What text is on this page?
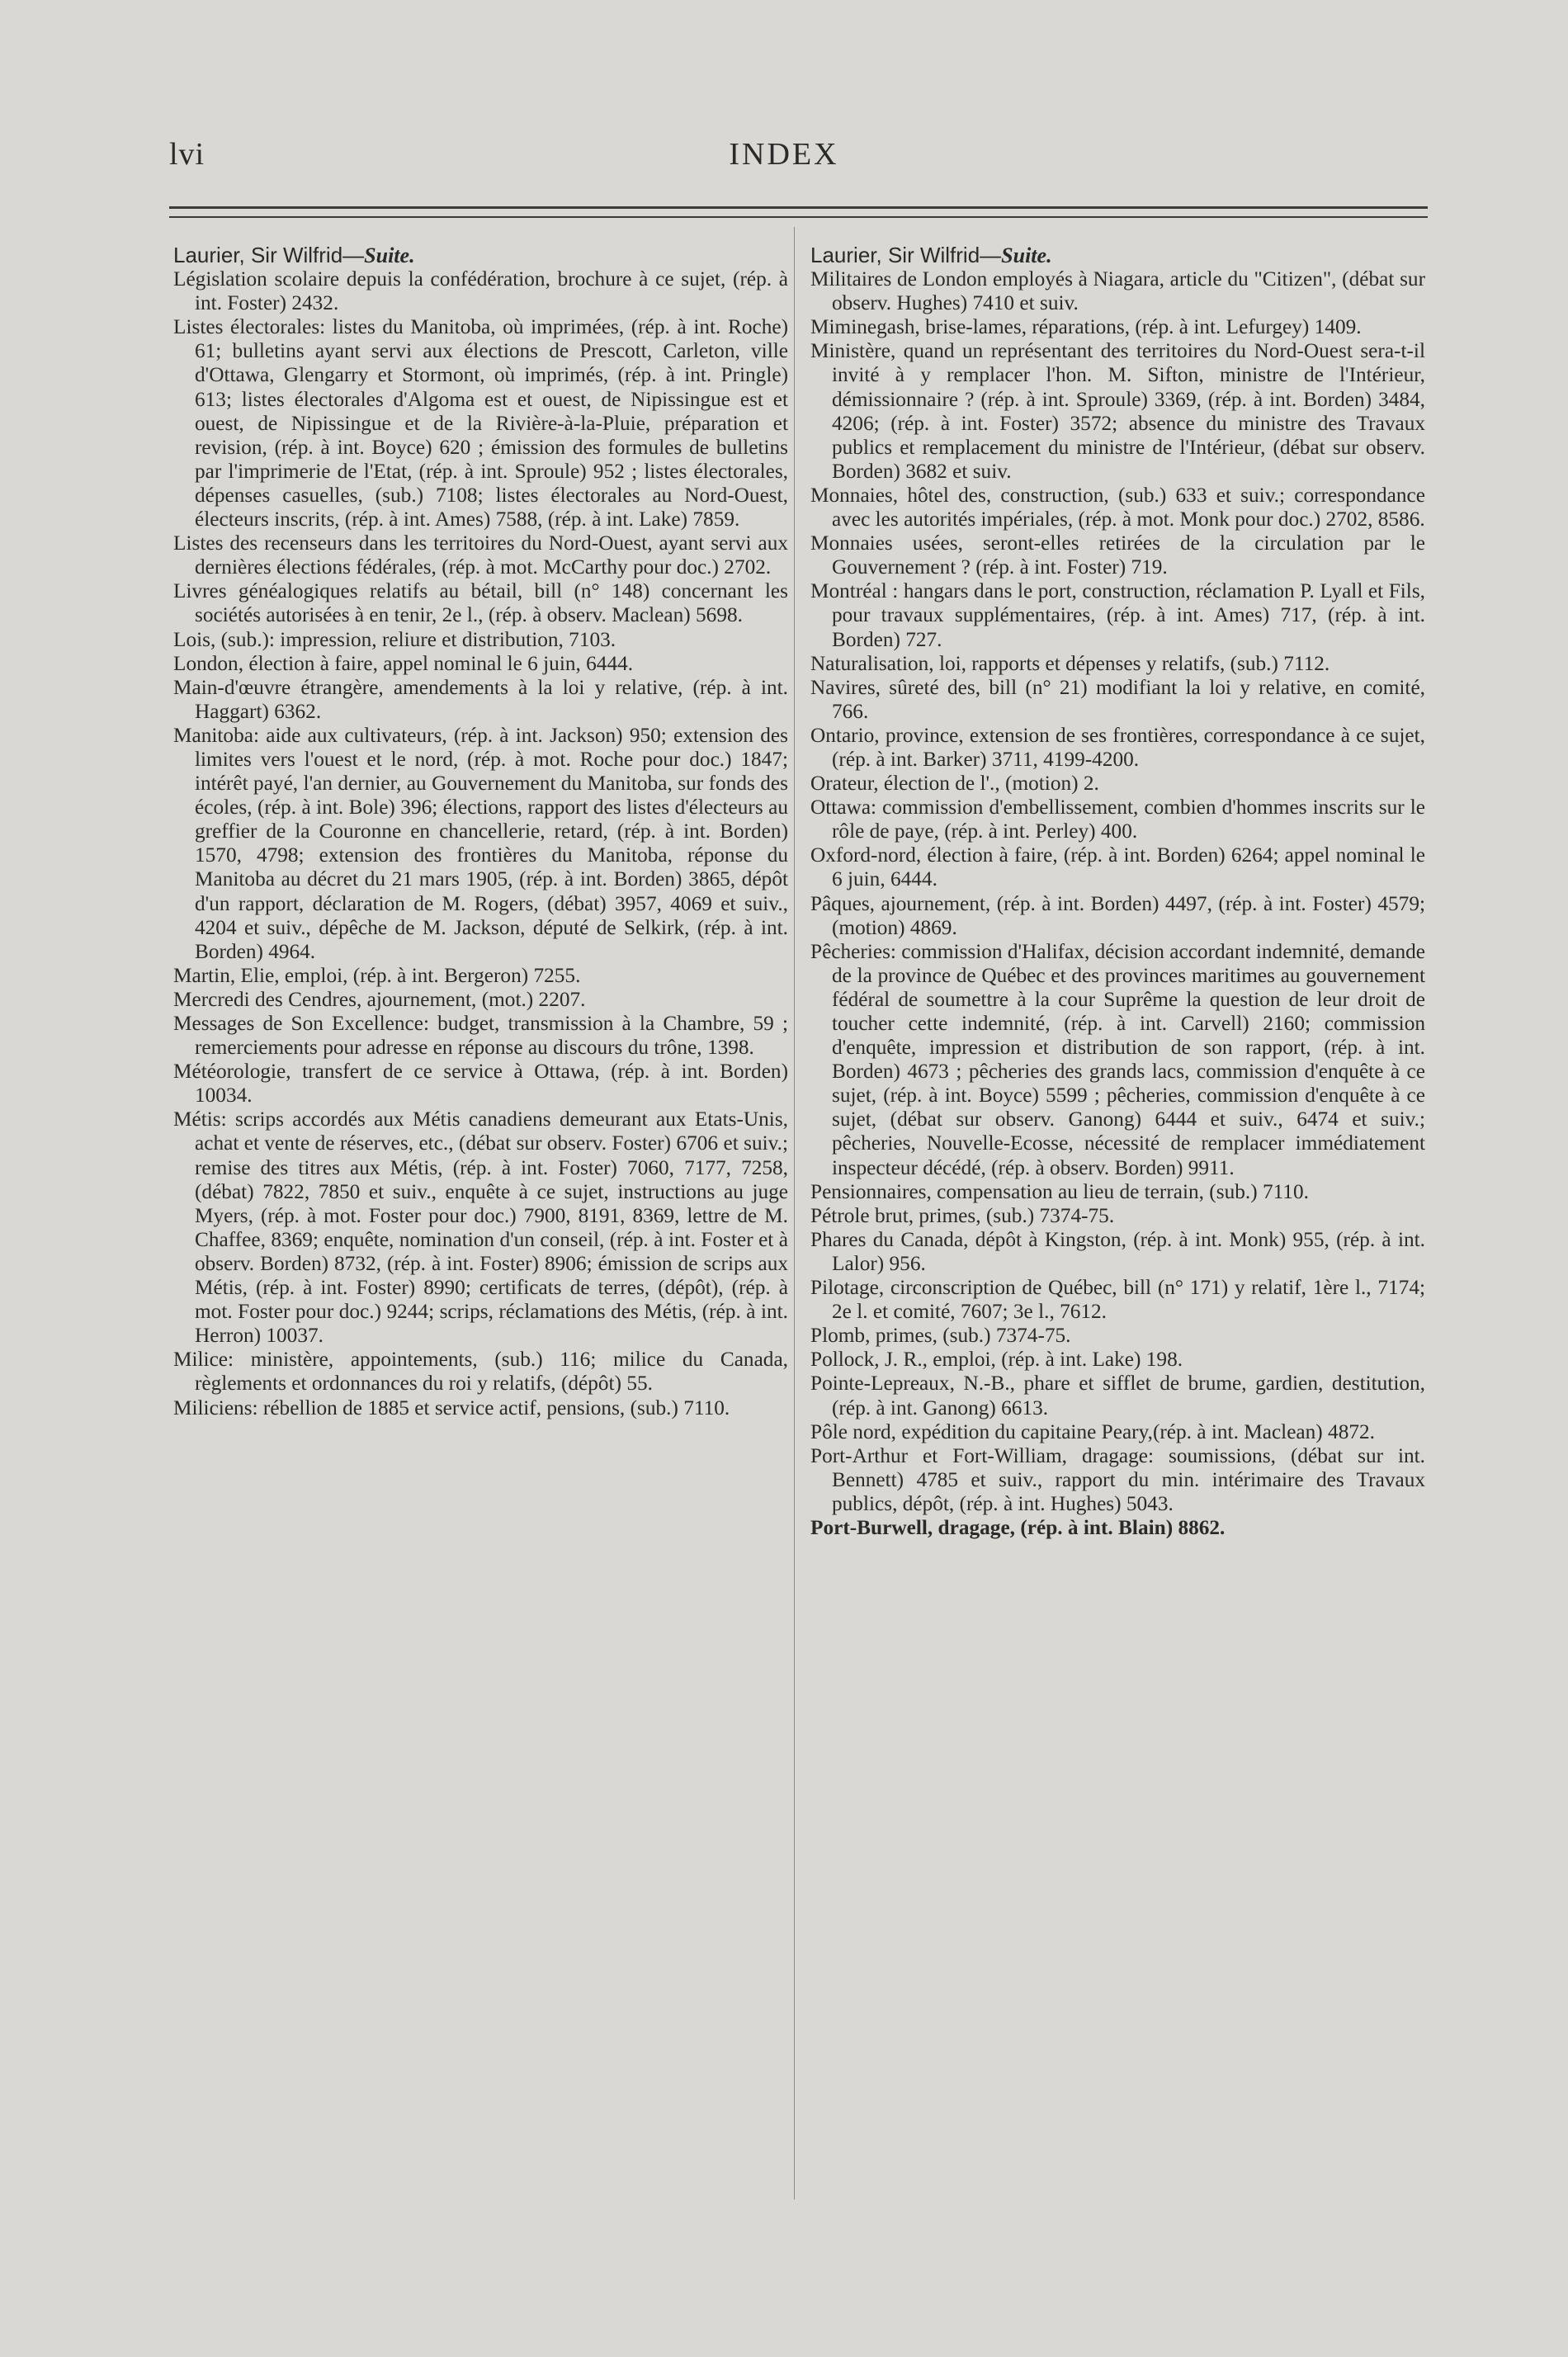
lvi	INDEX
Laurier, Sir Wilfrid—Suite.

Législation scolaire depuis la confédération, brochure à ce sujet, (rép. à int. Foster) 2432.

Listes électorales: listes du Manitoba, où imprimées, (rép. à int. Roche) 61; bulletins ayant servi aux élections de Prescott, Carleton, ville d'Ottawa, Glengarry et Stormont, où imprimés, (rép. à int. Pringle) 613; listes électorales d'Algoma est et ouest, de Nipissingue est et ouest, de Nipissingue et de la Rivière-à-la-Pluie, préparation et revision, (rép. à int. Boyce) 620 ; émission des formules de bulletins par l'imprimerie de l'Etat, (rép. à int. Sproule) 952 ; listes électorales, dépenses casuelles, (sub.) 7108; listes électorales au Nord-Ouest, électeurs inscrits, (rép. à int. Ames) 7588, (rép. à int. Lake) 7859.

Listes des recenseurs dans les territoires du Nord-Ouest, ayant servi aux dernières élections fédérales, (rép. à mot. McCarthy pour doc.) 2702.

Livres généalogiques relatifs au bétail, bill (n° 148) concernant les sociétés autorisées à en tenir, 2e l., (rép. à observ. Maclean) 5698.

Lois, (sub.): impression, reliure et distribution, 7103.

London, élection à faire, appel nominal le 6 juin, 6444.

Main-d'œuvre étrangère, amendements à la loi y relative, (rép. à int. Haggart) 6362.

Manitoba: aide aux cultivateurs, (rép. à int. Jackson) 950; extension des limites vers l'ouest et le nord, (rép. à mot. Roche pour doc.) 1847; intérêt payé, l'an dernier, au Gouvernement du Manitoba, sur fonds des écoles, (rép. à int. Bole) 396; élections, rapport des listes d'électeurs au greffier de la Couronne en chancellerie, retard, (rép. à int. Borden) 1570, 4798; extension des frontières du Manitoba, réponse du Manitoba au décret du 21 mars 1905, (rép. à int. Borden) 3865, dépôt d'un rapport, déclaration de M. Rogers, (débat) 3957, 4069 et suiv., 4204 et suiv., dépêche de M. Jackson, député de Selkirk, (rép. à int. Borden) 4964.

Martin, Elie, emploi, (rép. à int. Bergeron) 7255.

Mercredi des Cendres, ajournement, (mot.) 2207.

Messages de Son Excellence: budget, transmission à la Chambre, 59 ; remerciements pour adresse en réponse au discours du trône, 1398.

Météorologie, transfert de ce service à Ottawa, (rép. à int. Borden) 10034.

Métis: scrips accordés aux Métis canadiens demeurant aux Etats-Unis, achat et vente de réserves, etc., (débat sur observ. Foster) 6706 et suiv.; remise des titres aux Métis, (rép. à int. Foster) 7060, 7177, 7258, (débat) 7822, 7850 et suiv., enquête à ce sujet, instructions au juge Myers, (rép. à mot. Foster pour doc.) 7900, 8191, 8369, lettre de M. Chaffee, 8369; enquête, nomination d'un conseil, (rép. à int. Foster et à observ. Borden) 8732, (rép. à int. Foster) 8906; émission de scrips aux Métis, (rép. à int. Foster) 8990; certificats de terres, (dépôt), (rép. à mot. Foster pour doc.) 9244; scrips, réclamations des Métis, (rép. à int. Herron) 10037.

Milice: ministère, appointements, (sub.) 116; milice du Canada, règlements et ordonnances du roi y relatifs, (dépôt) 55.

Miliciens: rébellion de 1885 et service actif, pensions, (sub.) 7110.

Laurier, Sir Wilfrid—Suite.

Militaires de London employés à Niagara, article du "Citizen", (débat sur observ. Hughes) 7410 et suiv.

Miminegash, brise-lames, réparations, (rép. à int. Lefurgey) 1409.

Ministère, quand un représentant des territoires du Nord-Ouest sera-t-il invité à y remplacer l'hon. M. Sifton, ministre de l'Intérieur, démissionnaire ? (rép. à int. Sproule) 3369, (rép. à int. Borden) 3484, 4206; (rép. à int. Foster) 3572; absence du ministre des Travaux publics et remplacement du ministre de l'Intérieur, (débat sur observ. Borden) 3682 et suiv.

Monnaies, hôtel des, construction, (sub.) 633 et suiv.; correspondance avec les autorités impériales, (rép. à mot. Monk pour doc.) 2702, 8586.

Monnaies usées, seront-elles retirées de la circulation par le Gouvernement ? (rép. à int. Foster) 719.

Montréal : hangars dans le port, construction, réclamation P. Lyall et Fils, pour travaux supplémentaires, (rép. à int. Ames) 717, (rép. à int. Borden) 727.

Naturalisation, loi, rapports et dépenses y relatifs, (sub.) 7112.

Navires, sûreté des, bill (n° 21) modifiant la loi y relative, en comité, 766.

Ontario, province, extension de ses frontières, correspondance à ce sujet, (rép. à int. Barker) 3711, 4199-4200.

Orateur, élection de l'., (motion) 2.

Ottawa: commission d'embellissement, combien d'hommes inscrits sur le rôle de paye, (rép. à int. Perley) 400.

Oxford-nord, élection à faire, (rép. à int. Borden) 6264; appel nominal le 6 juin, 6444.

Pâques, ajournement, (rép. à int. Borden) 4497, (rép. à int. Foster) 4579; (motion) 4869.

Pêcheries: commission d'Halifax, décision accordant indemnité, demande de la province de Québec et des provinces maritimes au gouvernement fédéral de soumettre à la cour Suprême la question de leur droit de toucher cette indemnité, (rép. à int. Carvell) 2160; commission d'enquête, impression et distribution de son rapport, (rép. à int. Borden) 4673 ; pêcheries des grands lacs, commission d'enquête à ce sujet, (rép. à int. Boyce) 5599 ; pêcheries, commission d'enquête à ce sujet, (débat sur observ. Ganong) 6444 et suiv., 6474 et suiv.; pêcheries, Nouvelle-Ecosse, nécessité de remplacer immédiatement inspecteur décédé, (rép. à observ. Borden) 9911.

Pensionnaires, compensation au lieu de terrain, (sub.) 7110.

Pétrole brut, primes, (sub.) 7374-75.

Phares du Canada, dépôt à Kingston, (rép. à int. Monk) 955, (rép. à int. Lalor) 956.

Pilotage, circonscription de Québec, bill (n° 171) y relatif, 1ère l., 7174; 2e l. et comité, 7607; 3e l., 7612.

Plomb, primes, (sub.) 7374-75.

Pollock, J. R., emploi, (rép. à int. Lake) 198.

Pointe-Lepreaux, N.-B., phare et sifflet de brume, gardien, destitution, (rép. à int. Ganong) 6613.

Pôle nord, expédition du capitaine Peary,(rép. à int. Maclean) 4872.

Port-Arthur et Fort-William, dragage: soumissions, (débat sur int. Bennett) 4785 et suiv., rapport du min. intérimaire des Travaux publics, dépôt, (rép. à int. Hughes) 5043.

Port-Burwell, dragage, (rép. à int. Blain) 8862.
